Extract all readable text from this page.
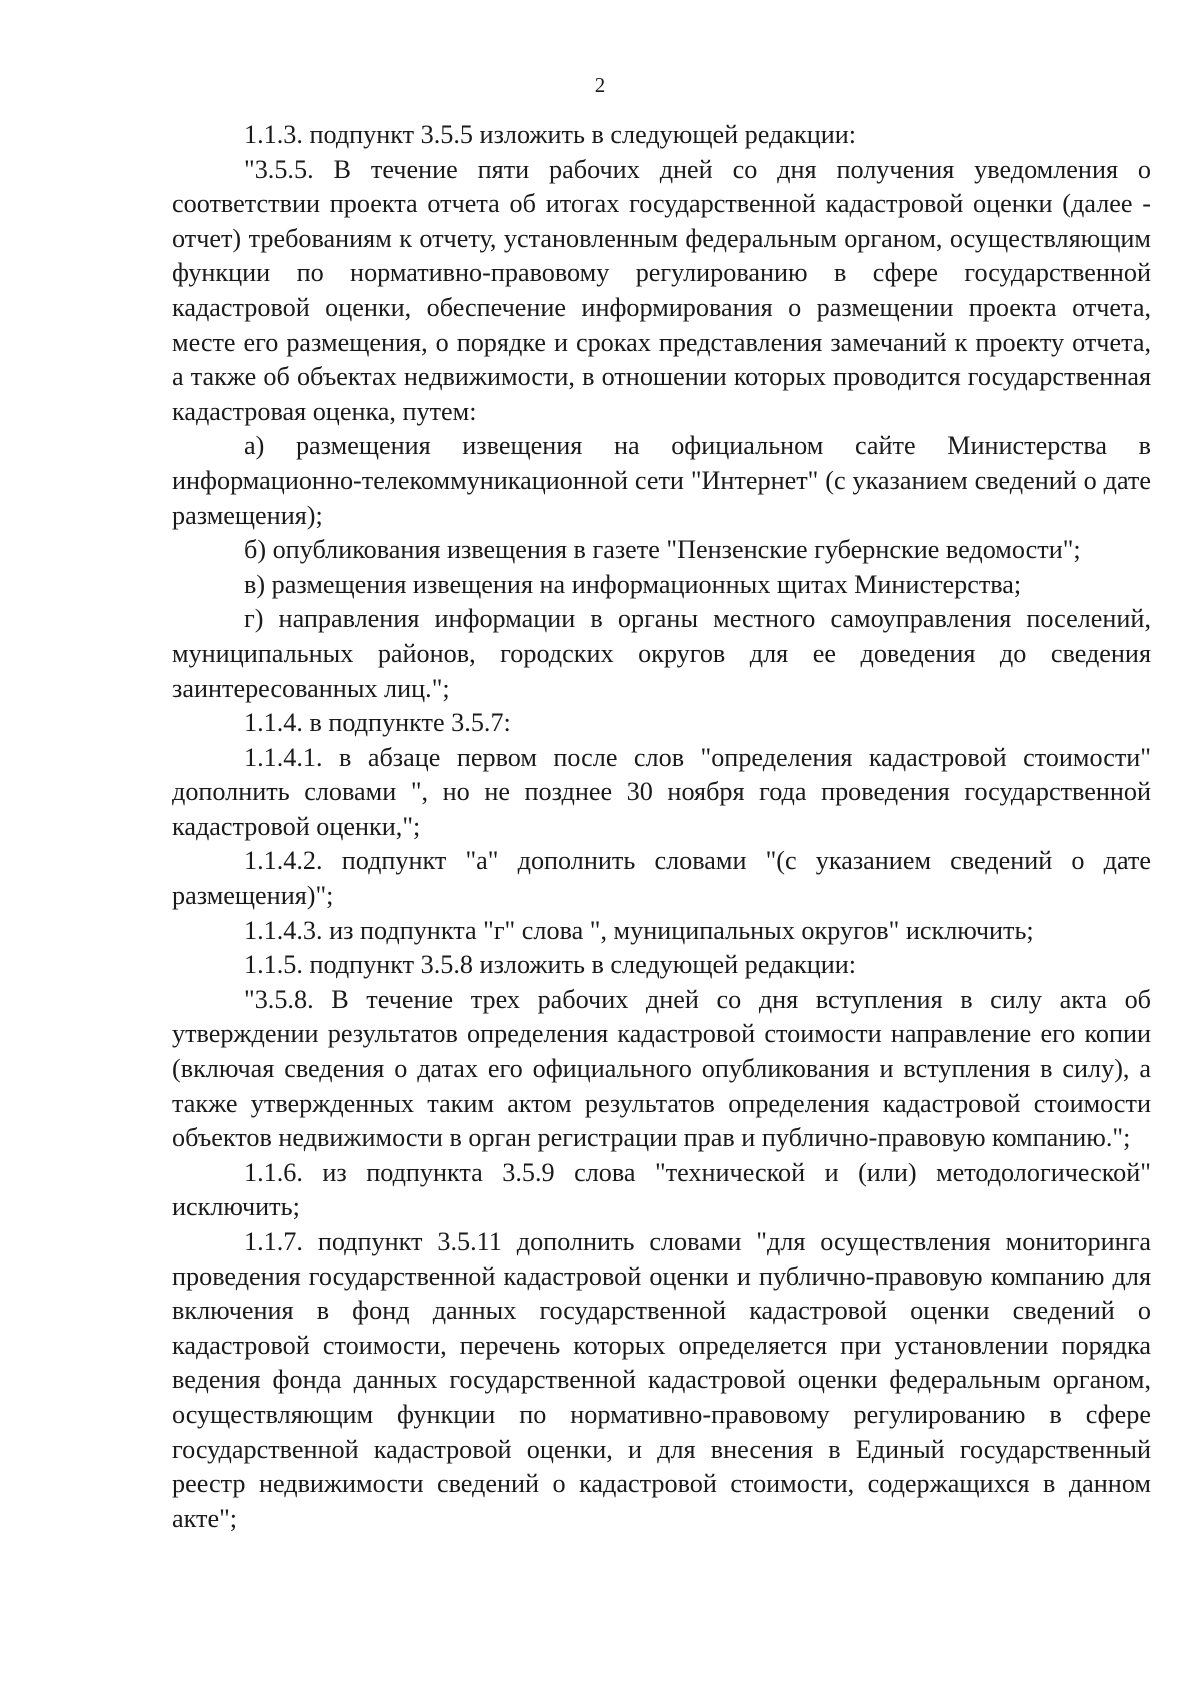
2

1.1.3. подпункт 3.5.5 изложить в следующей редакции:

"3.5.5. В течение пяти рабочих дней со дня получения уведомления о соответствии проекта отчета об итогах государственной кадастровой оценки (далее - отчет) требованиям к отчету, установленным федеральным органом, осуществляющим функции по нормативно-правовому регулированию в сфере государственной кадастровой оценки, обеспечение информирования о размещении проекта отчета, месте его размещения, о порядке и сроках представления замечаний к проекту отчета, а также об объектах недвижимости, в отношении которых проводится государственная кадастровая оценка, путем:

а) размещения извещения на официальном сайте Министерства в информационно-телекоммуникационной сети "Интернет" (с указанием сведений о дате размещения);

б) опубликования извещения в газете "Пензенские губернские ведомости";

в) размещения извещения на информационных щитах Министерства;

г) направления информации в органы местного самоуправления поселений, муниципальных районов, городских округов для ее доведения до сведения заинтересованных лиц.";

1.1.4. в подпункте 3.5.7:

1.1.4.1. в абзаце первом после слов "определения кадастровой стоимости" дополнить словами ", но не позднее 30 ноября года проведения государственной кадастровой оценки,";

1.1.4.2. подпункт "а" дополнить словами "(с указанием сведений о дате размещения)";

1.1.4.3. из подпункта "г" слова ", муниципальных округов" исключить;

1.1.5. подпункт 3.5.8 изложить в следующей редакции:

"3.5.8. В течение трех рабочих дней со дня вступления в силу акта об утверждении результатов определения кадастровой стоимости направление его копии (включая сведения о датах его официального опубликования и вступления в силу), а также утвержденных таким актом результатов определения кадастровой стоимости объектов недвижимости в орган регистрации прав и публично-правовую компанию.";

1.1.6. из подпункта 3.5.9 слова "технической и (или) методологической" исключить;

1.1.7. подпункт 3.5.11 дополнить словами "для осуществления мониторинга проведения государственной кадастровой оценки и публично-правовую компанию для включения в фонд данных государственной кадастровой оценки сведений о кадастровой стоимости, перечень которых определяется при установлении порядка ведения фонда данных государственной кадастровой оценки федеральным органом, осуществляющим функции по нормативно-правовому регулированию в сфере государственной кадастровой оценки, и для внесения в Единый государственный реестр недвижимости сведений о кадастровой стоимости, содержащихся в данном акте";
